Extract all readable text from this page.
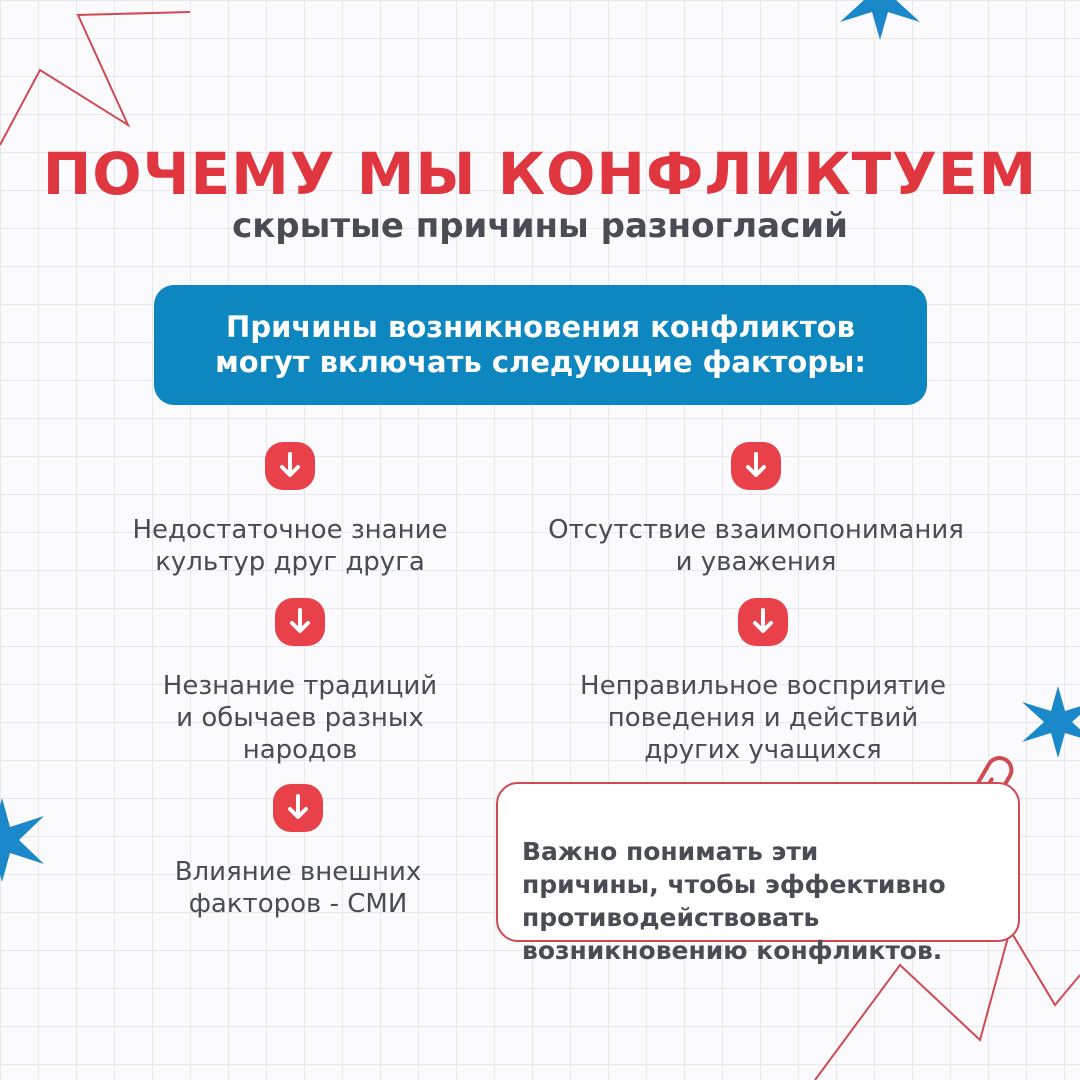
ПОЧЕМУ МЫ КОНФЛИКТУЕМ

скрытые причины разногласий

Причины возникновения конфликтов
могут включать следующие факторы:
Недостаточное знание
культур друг друга
Отсутствие взаимопонимания
и уважения
Незнание традиций
и обычаев разных
народов
Неправильное восприятие
поведения и действий
других учащихся
Влияние внешних
факторов - СМИ

Важно понимать эти
причины, чтобы эффективно
противодействовать
возникновению конфликтов.
